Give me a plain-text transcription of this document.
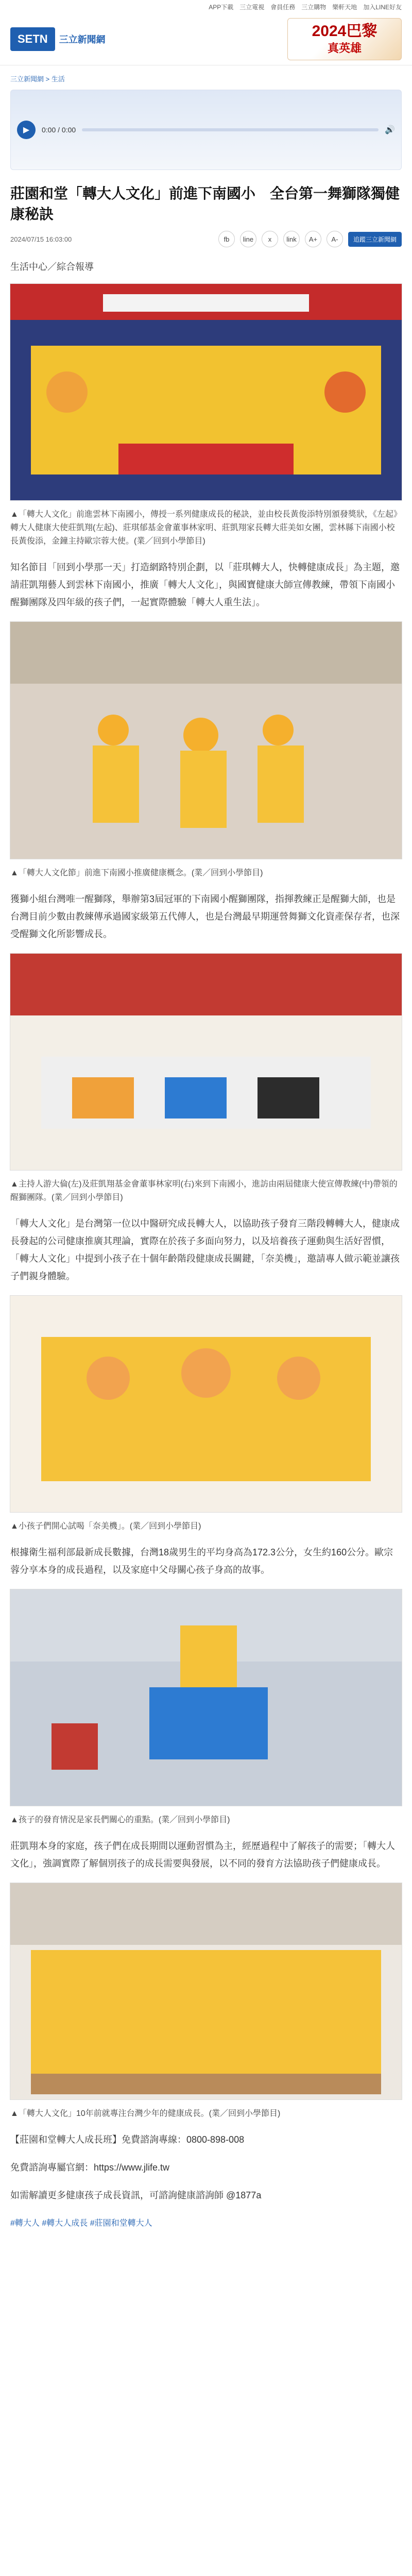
APP下載 三立電視 會員任務 三立購物 樂軒天地 加入LINE好友
SETN	三立新聞網
2024巴黎
真英雄
三立新聞網 > 生活
▶	0:00 / 0:00	🔊
莊園和堂「轉大人文化」前進下南國小　全台第一舞獅隊獨健康秘訣
2024/07/15 16:03:00	fb	line	x	link	A+	A-	追蹤三立新聞網
生活中心／綜合報導
▲「轉大人文化」前進雲林下南國小，傳授一系列健康成長的秘訣，並由校長黃俊添特別頒發獎狀，《左起》轉大人健康大使莊凱翔(左起)、莊琪郁基金會董事林家明、莊凱翔家長轉大莊美如女團，雲林縣下南國小校長黃俊添，金鐘主持歐宗蓉大使。(業／回到小學節目)
知名節目「回到小學那一天」打造網路特別企劃，以「莊琪轉大人，快轉健康成長」為主題，邀請莊凱翔藝人到雲林下南國小，推廣「轉大人文化」，與國寶健康大師宣傳教練，帶領下南國小醒獅團隊及四年級的孩子們，一起實際體驗「轉大人重生法」。
▲「轉大人文化節」前進下南國小推廣健康概念。(業／回到小學節目)
獲獅小組台灣唯一醒獅隊，舉辦第3屆冠軍的下南國小醒獅團隊，指揮教練正是醒獅大師，也是台灣目前少數由教練傳承過國家級第五代傳人，也是台灣最早期運營舞獅文化資產保存者，也深受醒獅文化所影響成長。
▲主持人游大倫(左)及莊凱翔基金會董事林家明(右)來到下南國小，進訪由兩屆健康大使宣傳教練(中)帶領的醒獅團隊。(業／回到小學節目)
「轉大人文化」是台灣第一位以中醫研究成長轉大人，以協助孩子發育三階段轉轉大人，健康成長發起的公司健康推廣其理論，實際在於孩子多面向努力，以及培養孩子運動與生活好習慣，「轉大人文化」中提到小孩子在十個年齡階段健康成長關鍵，「奈美機」，邀請專人做示範並讓孩子們親身體驗。
▲小孩子們開心試喝「奈美機」。(業／回到小學節目)
根據衛生福利部最新成長數據，台灣18歲男生的平均身高為172.3公分，女生約160公分。歐宗蓉分享本身的成長過程，以及家庭中父母關心孩子身高的故事。
▲孩子的發育情況是家長們關心的重點。(業／回到小學節目)
莊凱翔本身的家庭，孩子們在成長期間以運動習慣為主，經歷過程中了解孩子的需要；「轉大人文化」，強調實際了解個別孩子的成長需要與發展，以不同的發育方法協助孩子們健康成長。
▲「轉大人文化」10年前就專注台灣少年的健康成長。(業／回到小學節目)
【莊園和堂轉大人成長班】免費諮詢專線：0800-898-008
免費諮詢專屬官網：https://www.jlife.tw
如需解讀更多健康孩子成長資訊，可諮詢健康諮詢師 @1877a
#轉大人 #轉大人成長 #莊園和堂轉大人
